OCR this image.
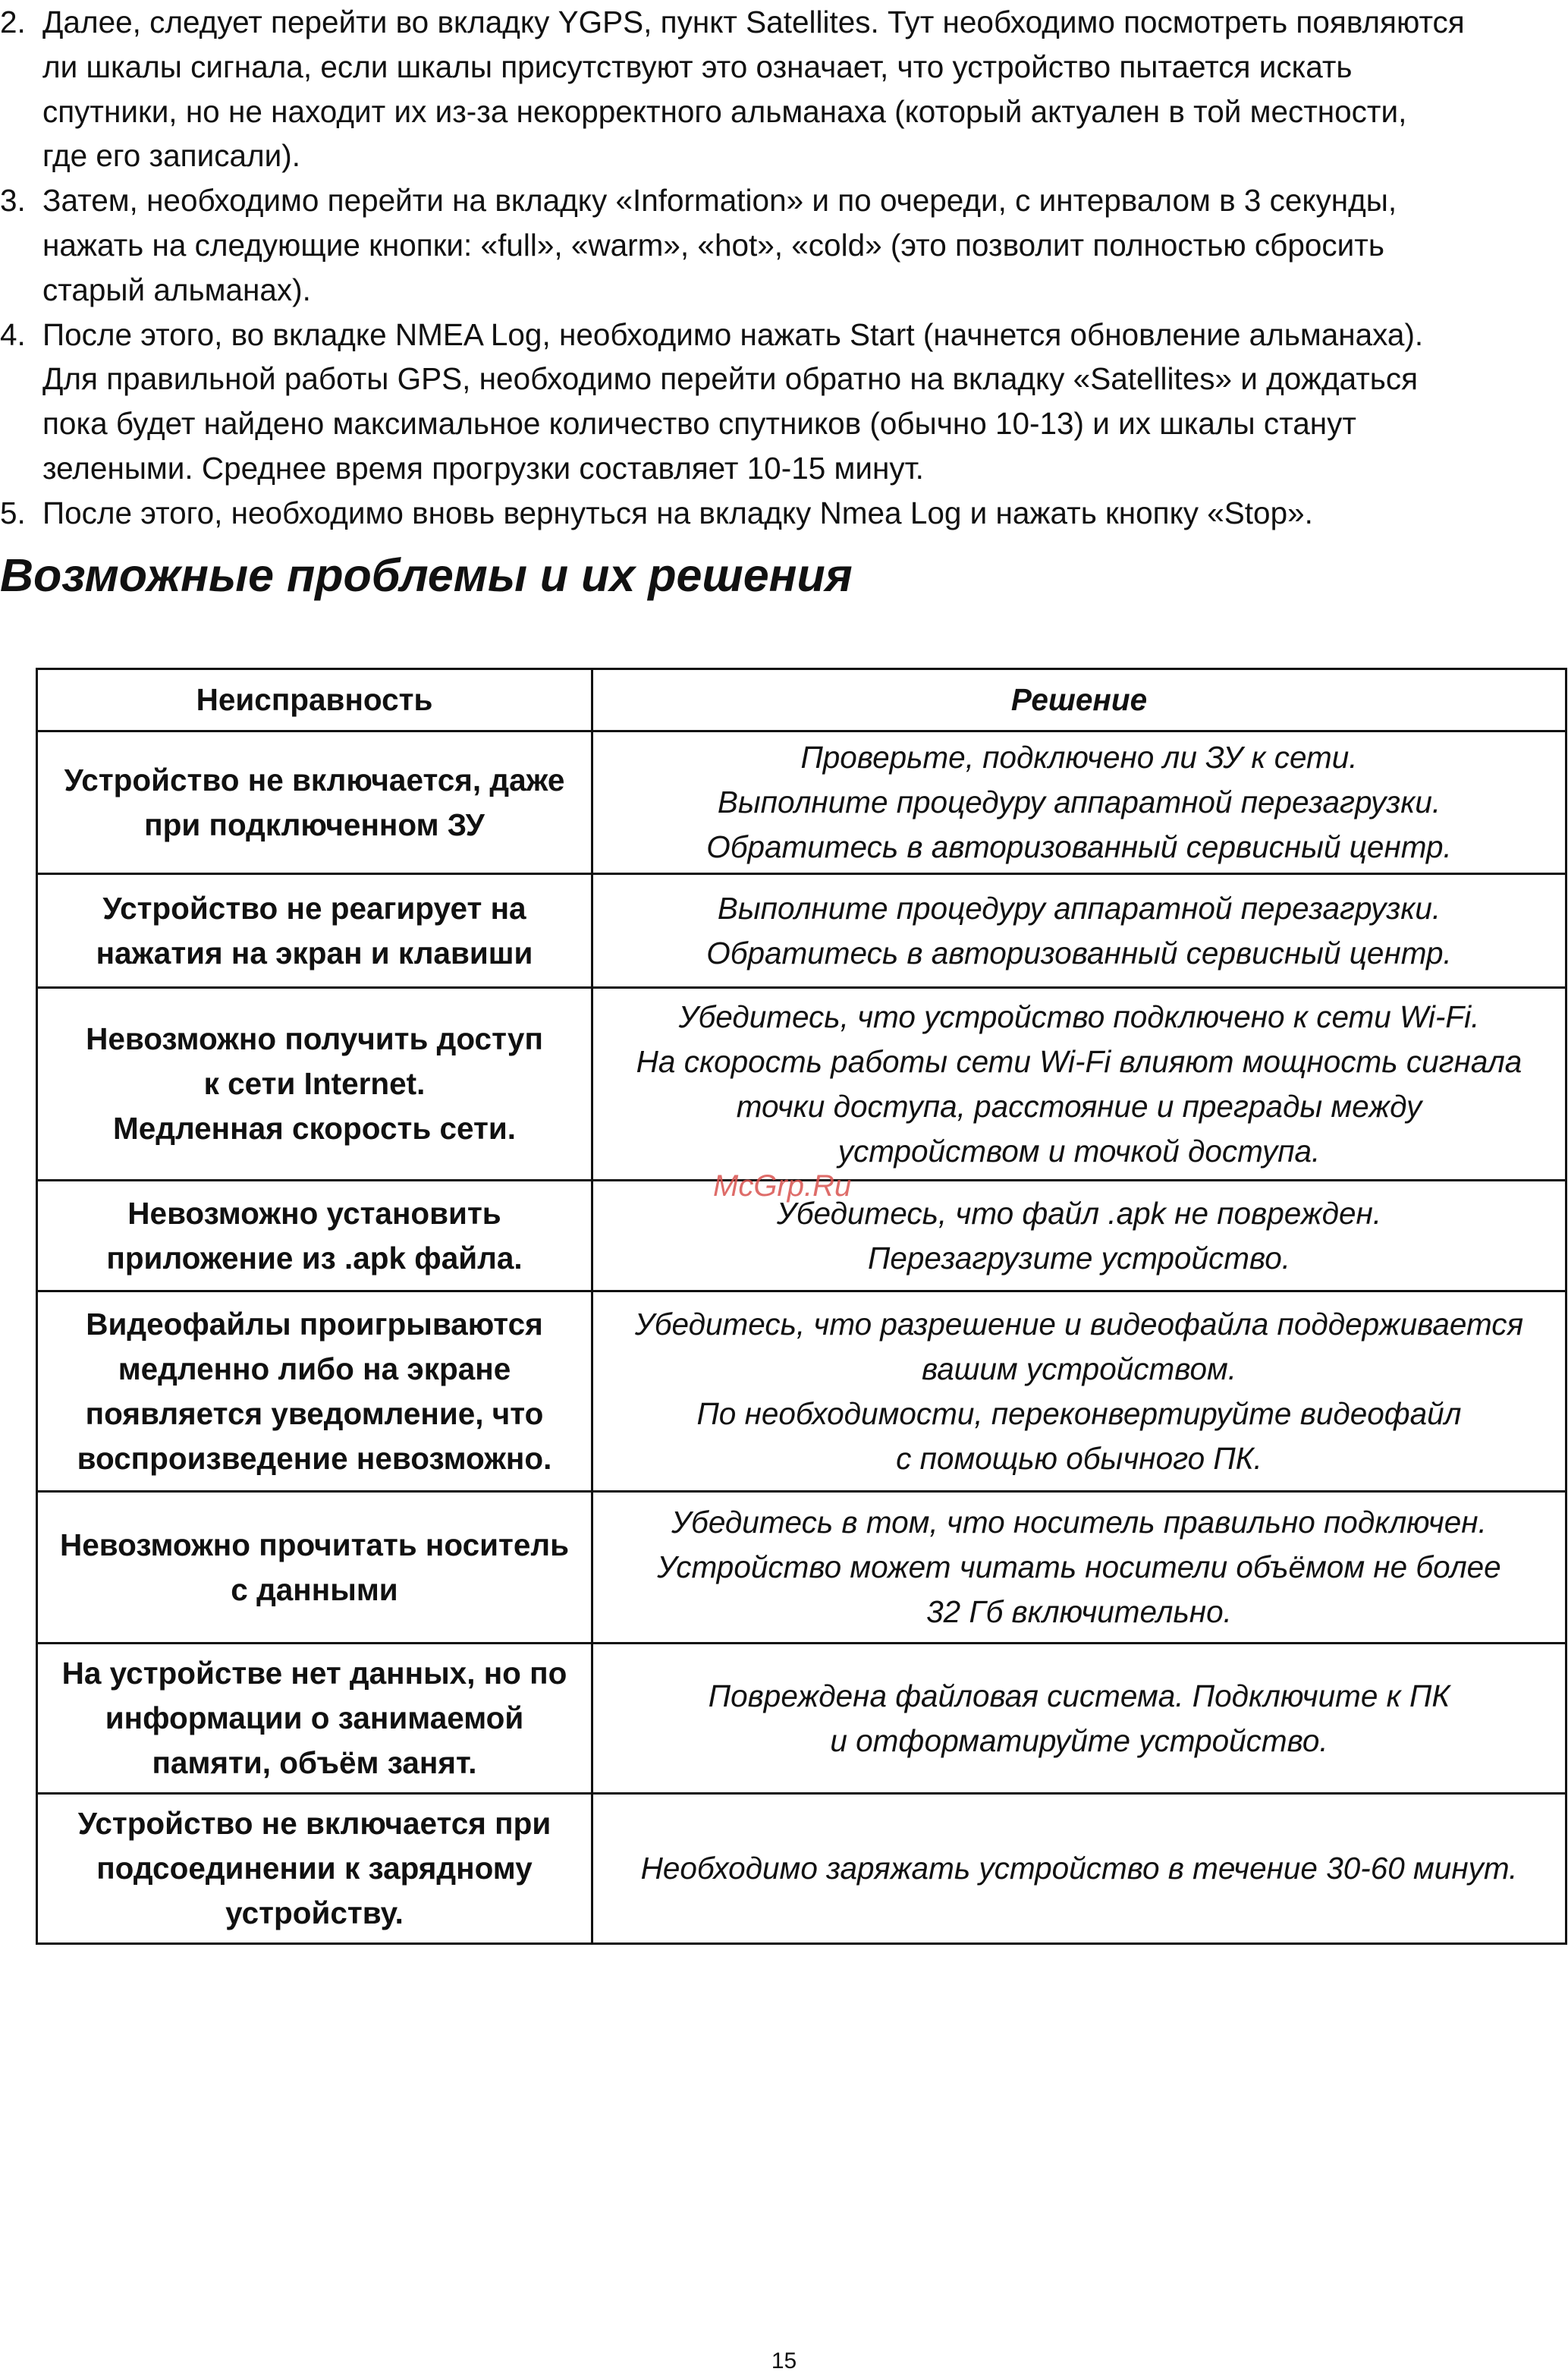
2. Далее, следует перейти во вкладку YGPS, пункт Satellites. Тут необходимо посмотреть появляются
ли шкалы сигнала, если шкалы присутствуют это означает, что устройство пытается искать
спутники, но не находит их из-за некорректного альманаха (который актуален в той местности,
где его записали).
3. Затем, необходимо перейти на вкладку «Information» и по очереди, с интервалом в 3 секунды,
нажать на следующие кнопки: «full», «warm», «hot», «cold» (это позволит полностью сбросить
старый альманах).
4. После этого, во вкладке NMEA Log, необходимо нажать Start (начнется обновление альманаха).
Для правильной работы GPS, необходимо перейти обратно на вкладку «Satellites» и дождаться
пока будет найдено максимальное количество спутников (обычно 10-13) и их шкалы станут
зелеными. Среднее время прогрузки составляет 10-15 минут.
5. После этого, необходимо вновь вернуться на вкладку Nmea Log и нажать кнопку «Stop».
Возможные проблемы и их решения
Неисправность	Решение

Устройство не включается, даже
при подключенном ЗУ	Проверьте, подключено ли ЗУ к сети.
Выполните процедуру аппаратной перезагрузки.
Обратитесь в авторизованный сервисный центр.

Устройство не реагирует на
нажатия на экран и клавиши	Выполните процедуру аппаратной перезагрузки.
Обратитесь в авторизованный сервисный центр.

Невозможно получить доступ
к сети Internet.
Медленная скорость сети.	Убедитесь, что устройство подключено к сети Wi-Fi.
На скорость работы сети Wi-Fi влияют мощность сигнала
точки доступа, расстояние и преграды между
устройством и точкой доступа.

Невозможно установить
приложение из .apk файла.	Убедитесь, что файл .apk не поврежден.
Перезагрузите устройство.

Видеофайлы проигрываются
медленно либо на экране
появляется уведомление, что
воспроизведение невозможно.	Убедитесь, что разрешение и видеофайла поддерживается
вашим устройством.
По необходимости, переконвертируйте видеофайл
с помощью обычного ПК.

Невозможно прочитать носитель
с данными	Убедитесь в том, что носитель правильно подключен.
Устройство может читать носители объёмом не более
32 Гб включительно.

На устройстве нет данных, но по
информации о занимаемой
памяти, объём занят.	Повреждена файловая система. Подключите к ПК
и отформатируйте устройство.

Устройство не включается при
подсоединении к зарядному
устройству.	Необходимо заряжать устройство в течение 30-60 минут.
McGrp.Ru
15
